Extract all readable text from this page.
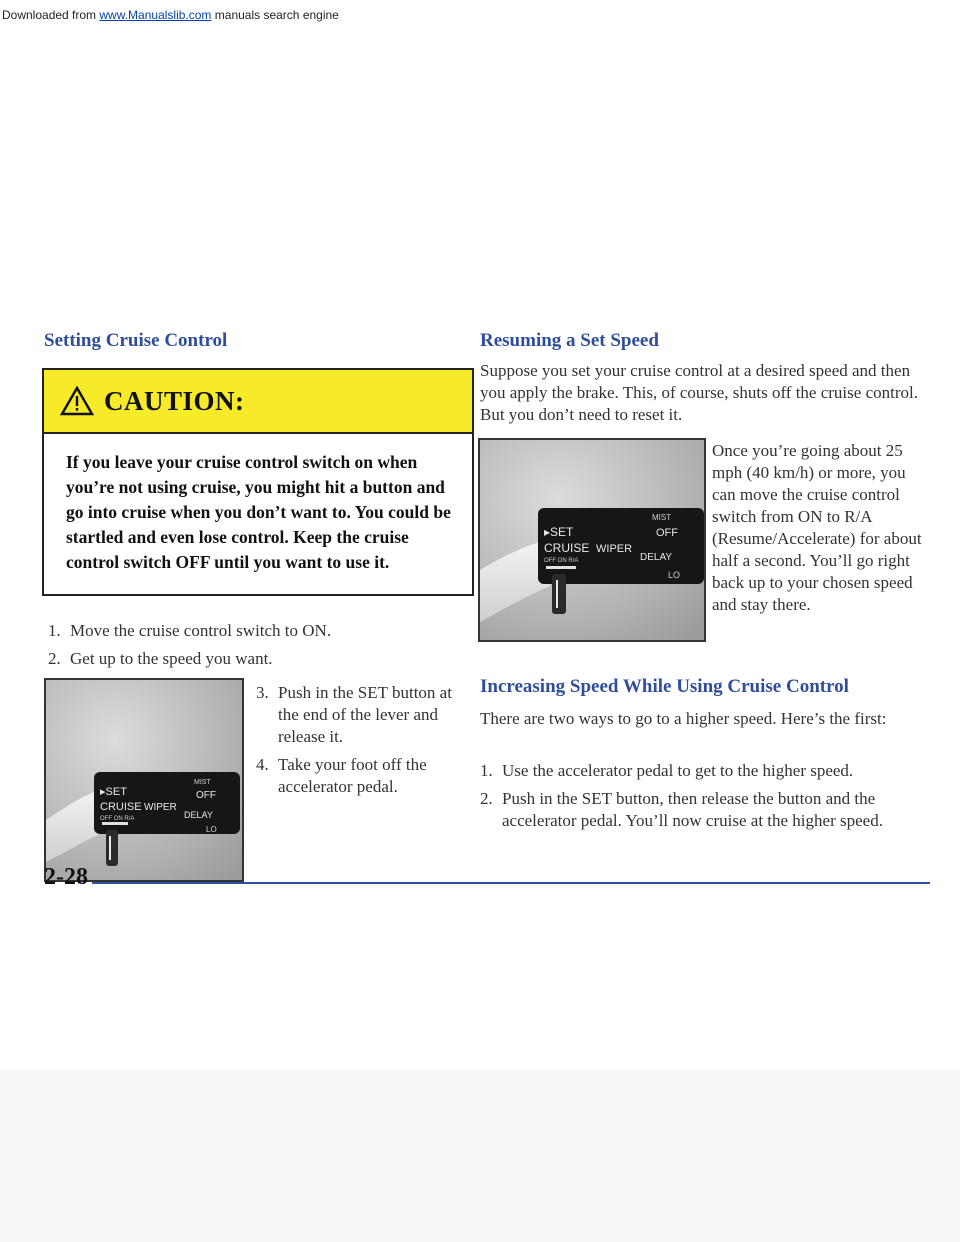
Downloaded from www.Manualslib.com manuals search engine
Setting Cruise Control
CAUTION:
If you leave your cruise control switch on when you’re not using cruise, you might hit a button and go into cruise when you don’t want to. You could be startled and even lose control. Keep the cruise control switch OFF until you want to use it.
1. Move the cruise control switch to ON.
2. Get up to the speed you want.
▸SET
CRUISE WIPER
OFF ON R/A
MIST
OFF
DELAY
LO
3. Push in the SET button at the end of the lever and release it.
4. Take your foot off the accelerator pedal.
Resuming a Set Speed
Suppose you set your cruise control at a desired speed and then you apply the brake. This, of course, shuts off the cruise control. But you don’t need to reset it.
▸SET
CRUISE WIPER
OFF ON R/A
MIST
OFF
DELAY
LO
Once you’re going about 25 mph (40 km/h) or more, you can move the cruise control switch from ON to R/A (Resume/Accelerate) for about half a second. You’ll go right back up to your chosen speed and stay there.
Increasing Speed While Using Cruise Control
There are two ways to go to a higher speed. Here’s the first:
1. Use the accelerator pedal to get to the higher speed.
2. Push in the SET button, then release the button and the accelerator pedal. You’ll now cruise at the higher speed.
2-28
